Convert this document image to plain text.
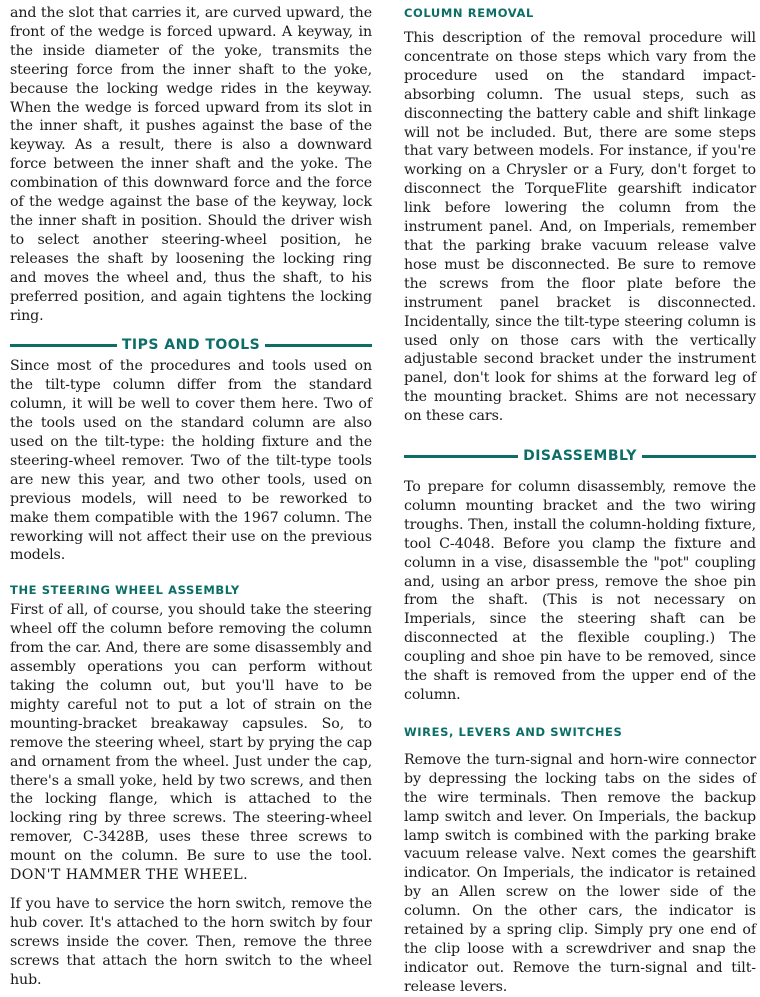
and the slot that carries it, are curved upward, the front of the wedge is forced upward. A keyway, in the inside diameter of the yoke, transmits the steering force from the inner shaft to the yoke, because the locking wedge rides in the keyway. When the wedge is forced upward from its slot in the inner shaft, it pushes against the base of the keyway. As a result, there is also a downward force between the inner shaft and the yoke. The combination of this downward force and the force of the wedge against the base of the keyway, lock the inner shaft in position. Should the driver wish to select another steering-wheel position, he releases the shaft by loosening the locking ring and moves the wheel and, thus the shaft, to his preferred position, and again tightens the locking ring.

TIPS AND TOOLS

Since most of the procedures and tools used on the tilt-type column differ from the standard column, it will be well to cover them here. Two of the tools used on the standard column are also used on the tilt-type: the holding fixture and the steering-wheel remover. Two of the tilt-type tools are new this year, and two other tools, used on previous models, will need to be reworked to make them compatible with the 1967 column. The reworking will not affect their use on the previous models.

THE STEERING WHEEL ASSEMBLY

First of all, of course, you should take the steering wheel off the column before removing the column from the car. And, there are some disassembly and assembly operations you can perform without taking the column out, but you'll have to be mighty careful not to put a lot of strain on the mounting-bracket breakaway capsules. So, to remove the steering wheel, start by prying the cap and ornament from the wheel. Just under the cap, there's a small yoke, held by two screws, and then the locking flange, which is attached to the locking ring by three screws. The steering-wheel remover, C-3428B, uses these three screws to mount on the column. Be sure to use the tool. DON'T HAMMER THE WHEEL.

If you have to service the horn switch, remove the hub cover. It's attached to the horn switch by four screws inside the cover. Then, remove the three screws that attach the horn switch to the wheel hub.

COLUMN REMOVAL

This description of the removal procedure will concentrate on those steps which vary from the procedure used on the standard impact-absorbing column. The usual steps, such as disconnecting the battery cable and shift linkage will not be included. But, there are some steps that vary between models. For instance, if you're working on a Chrysler or a Fury, don't forget to disconnect the TorqueFlite gearshift indicator link before lowering the column from the instrument panel. And, on Imperials, remember that the parking brake vacuum release valve hose must be disconnected. Be sure to remove the screws from the floor plate before the instrument panel bracket is disconnected. Incidentally, since the tilt-type steering column is used only on those cars with the vertically adjustable second bracket under the instrument panel, don't look for shims at the forward leg of the mounting bracket. Shims are not necessary on these cars.

DISASSEMBLY

To prepare for column disassembly, remove the column mounting bracket and the two wiring troughs. Then, install the column-holding fixture, tool C-4048. Before you clamp the fixture and column in a vise, disassemble the "pot" coupling and, using an arbor press, remove the shoe pin from the shaft. (This is not necessary on Imperials, since the steering shaft can be disconnected at the flexible coupling.) The coupling and shoe pin have to be removed, since the shaft is removed from the upper end of the column.

WIRES, LEVERS AND SWITCHES

Remove the turn-signal and horn-wire connector by depressing the locking tabs on the sides of the wire terminals. Then remove the backup lamp switch and lever. On Imperials, the backup lamp switch is combined with the parking brake vacuum release valve. Next comes the gearshift indicator. On Imperials, the indicator is retained by an Allen screw on the lower side of the column. On the other cars, the indicator is retained by a spring clip. Simply pry one end of the clip loose with a screwdriver and snap the indicator out. Remove the turn-signal and tilt-release levers.
